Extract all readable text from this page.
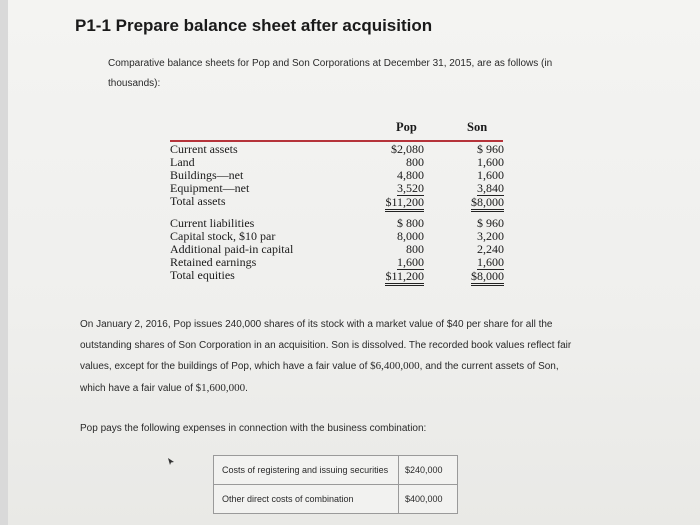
P1-1 Prepare balance sheet after acquisition
Comparative balance sheets for Pop and Son Corporations at December 31, 2015, are as follows (in thousands):
Pop	Son
Current assets
Land
Buildings—net
Equipment—net
Total assets
Current liabilities
Capital stock, $10 par
Additional paid-in capital
Retained earnings
Total equities
$2,080
800
4,800
3,520
$11,200
$ 800
8,000
800
1,600
$11,200
$ 960
1,600
1,600
3,840
$8,000
$ 960
3,200
2,240
1,600
$8,000
On January 2, 2016, Pop issues 240,000 shares of its stock with a market value of $40 per share for all the outstanding shares of Son Corporation in an acquisition. Son is dissolved. The recorded book values reflect fair values, except for the buildings of Pop, which have a fair value of $6,400,000, and the current assets of Son, which have a fair value of $1,600,000.
Pop pays the following expenses in connection with the business combination:
Costs of registering and issuing securities $240,000
Other direct costs of combination	$400,000
